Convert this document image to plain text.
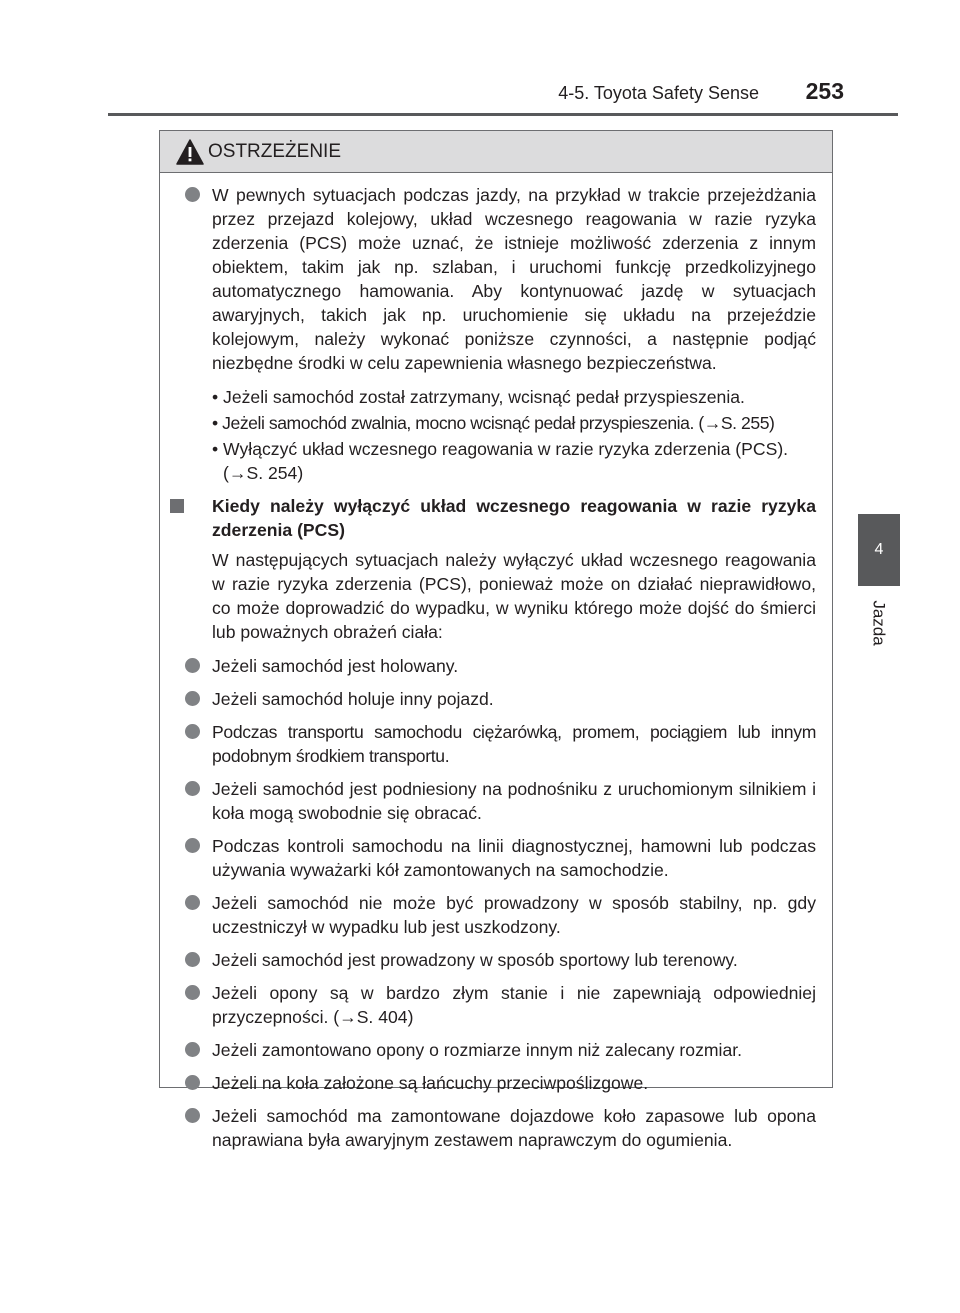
4-5. Toyota Safety Sense 253
4
Jazda
OSTRZEŻENIE
W pewnych sytuacjach podczas jazdy, na przykład w trakcie przejeżdżania przez przejazd kolejowy, układ wczesnego reagowania w razie ryzyka zderzenia (PCS) może uznać, że istnieje możliwość zderzenia z innym obiektem, takim jak np. szlaban, i uruchomi funkcję przedkolizyjnego automatycznego hamowania. Aby kontynuować jazdę w sytuacjach awaryjnych, takich jak np. uruchomienie się układu na przejeździe kolejowym, należy wykonać poniższe czynności, a następnie podjąć niezbędne środki w celu zapewnienia własnego bezpieczeństwa.
• Jeżeli samochód został zatrzymany, wcisnąć pedał przyspieszenia.
• Jeżeli samochód zwalnia, mocno wcisnąć pedał przyspieszenia. (→S. 255)
• Wyłączyć układ wczesnego reagowania w razie ryzyka zderzenia (PCS).
(→S. 254)
Kiedy należy wyłączyć układ wczesnego reagowania w razie ryzyka zderzenia (PCS)
W następujących sytuacjach należy wyłączyć układ wczesnego reagowania w razie ryzyka zderzenia (PCS), ponieważ może on działać nieprawidłowo, co może doprowadzić do wypadku, w wyniku którego może dojść do śmierci lub poważnych obrażeń ciała:
Jeżeli samochód jest holowany.
Jeżeli samochód holuje inny pojazd.
Podczas transportu samochodu ciężarówką, promem, pociągiem lub innym podobnym środkiem transportu.
Jeżeli samochód jest podniesiony na podnośniku z uruchomionym silnikiem i koła mogą swobodnie się obracać.
Podczas kontroli samochodu na linii diagnostycznej, hamowni lub podczas używania wyważarki kół zamontowanych na samochodzie.
Jeżeli samochód nie może być prowadzony w sposób stabilny, np. gdy uczestniczył w wypadku lub jest uszkodzony.
Jeżeli samochód jest prowadzony w sposób sportowy lub terenowy.
Jeżeli opony są w bardzo złym stanie i nie zapewniają odpowiedniej przyczepności. (→S. 404)
Jeżeli zamontowano opony o rozmiarze innym niż zalecany rozmiar.
Jeżeli na koła założone są łańcuchy przeciwpoślizgowe.
Jeżeli samochód ma zamontowane dojazdowe koło zapasowe lub opona naprawiana była awaryjnym zestawem naprawczym do ogumienia.
